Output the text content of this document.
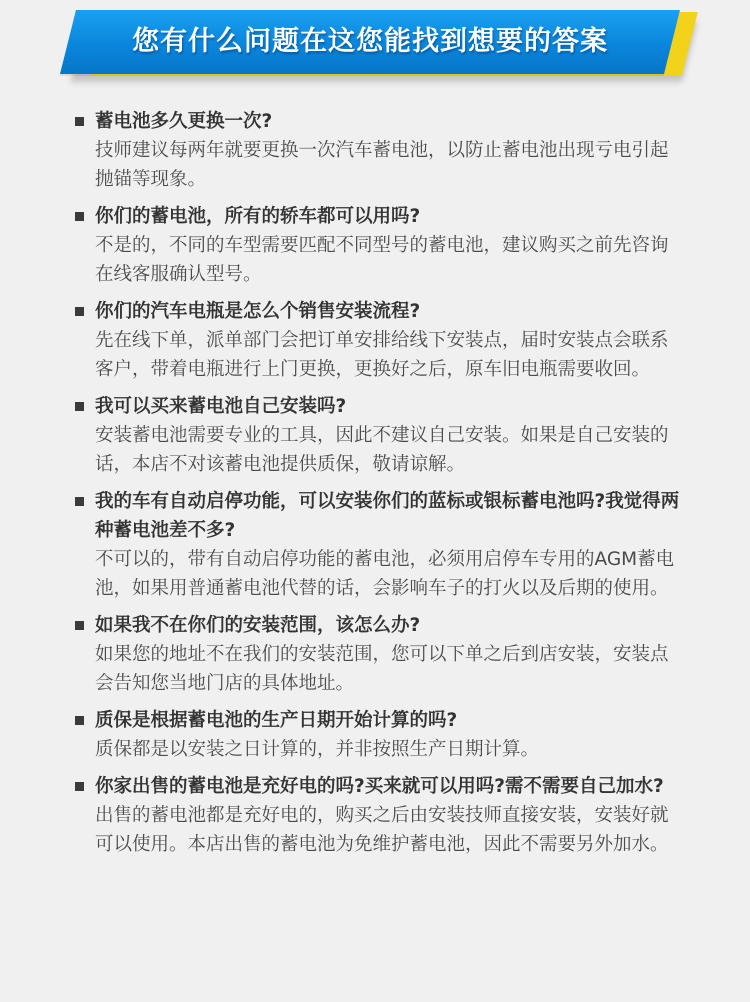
您有什么问题在这您能找到想要的答案
蓄电池多久更换一次?
技师建议每两年就要更换一次汽车蓄电池，以防止蓄电池出现亏电引起抛锚等现象。
你们的蓄电池，所有的轿车都可以用吗?
不是的，不同的车型需要匹配不同型号的蓄电池，建议购买之前先咨询在线客服确认型号。
你们的汽车电瓶是怎么个销售安装流程?
先在线下单，派单部门会把订单安排给线下安装点，届时安装点会联系客户，带着电瓶进行上门更换，更换好之后，原车旧电瓶需要收回。
我可以买来蓄电池自己安装吗?
安装蓄电池需要专业的工具，因此不建议自己安装。如果是自己安装的话，本店不对该蓄电池提供质保，敬请谅解。
我的车有自动启停功能，可以安装你们的蓝标或银标蓄电池吗?我觉得两种蓄电池差不多?
不可以的，带有自动启停功能的蓄电池，必须用启停车专用的AGM蓄电池，如果用普通蓄电池代替的话，会影响车子的打火以及后期的使用。
如果我不在你们的安装范围，该怎么办?
如果您的地址不在我们的安装范围，您可以下单之后到店安装，安装点会告知您当地门店的具体地址。
质保是根据蓄电池的生产日期开始计算的吗?
质保都是以安装之日计算的，并非按照生产日期计算。
你家出售的蓄电池是充好电的吗?买来就可以用吗?需不需要自己加水?
出售的蓄电池都是充好电的，购买之后由安装技师直接安装，安装好就可以使用。本店出售的蓄电池为免维护蓄电池，因此不需要另外加水。
